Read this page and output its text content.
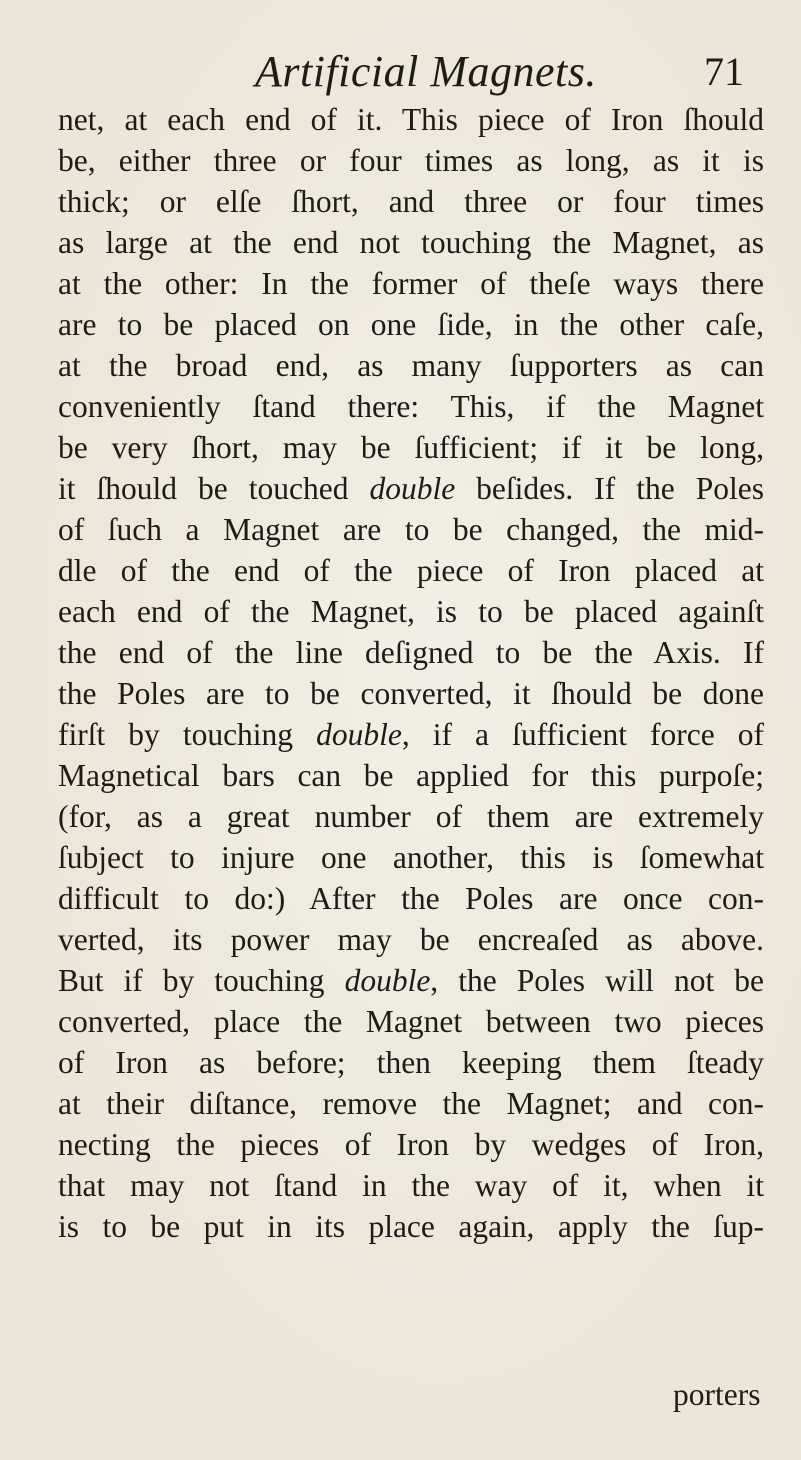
Artificial Magnets.	71
net, at each end of it. This piece of Iron ſhould
be, either three or four times as long, as it is
thick; or elſe ſhort, and three or four times
as large at the end not touching the Magnet, as
at the other: In the former of theſe ways there
are to be placed on one ſide, in the other caſe,
at the broad end, as many ſupporters as can
conveniently ſtand there: This, if the Magnet
be very ſhort, may be ſufficient; if it be long,
it ſhould be touched double beſides. If the Poles
of ſuch a Magnet are to be changed, the mid-
dle of the end of the piece of Iron placed at
each end of the Magnet, is to be placed againſt
the end of the line deſigned to be the Axis. If
the Poles are to be converted, it ſhould be done
firſt by touching double, if a ſufficient force of
Magnetical bars can be applied for this purpoſe;
(for, as a great number of them are extremely
ſubject to injure one another, this is ſomewhat
difficult to do:) After the Poles are once con-
verted, its power may be encreaſed as above.
But if by touching double, the Poles will not be
converted, place the Magnet between two pieces
of Iron as before; then keeping them ſteady
at their diſtance, remove the Magnet; and con-
necting the pieces of Iron by wedges of Iron,
that may not ſtand in the way of it, when it
is to be put in its place again, apply the ſup-
porters
